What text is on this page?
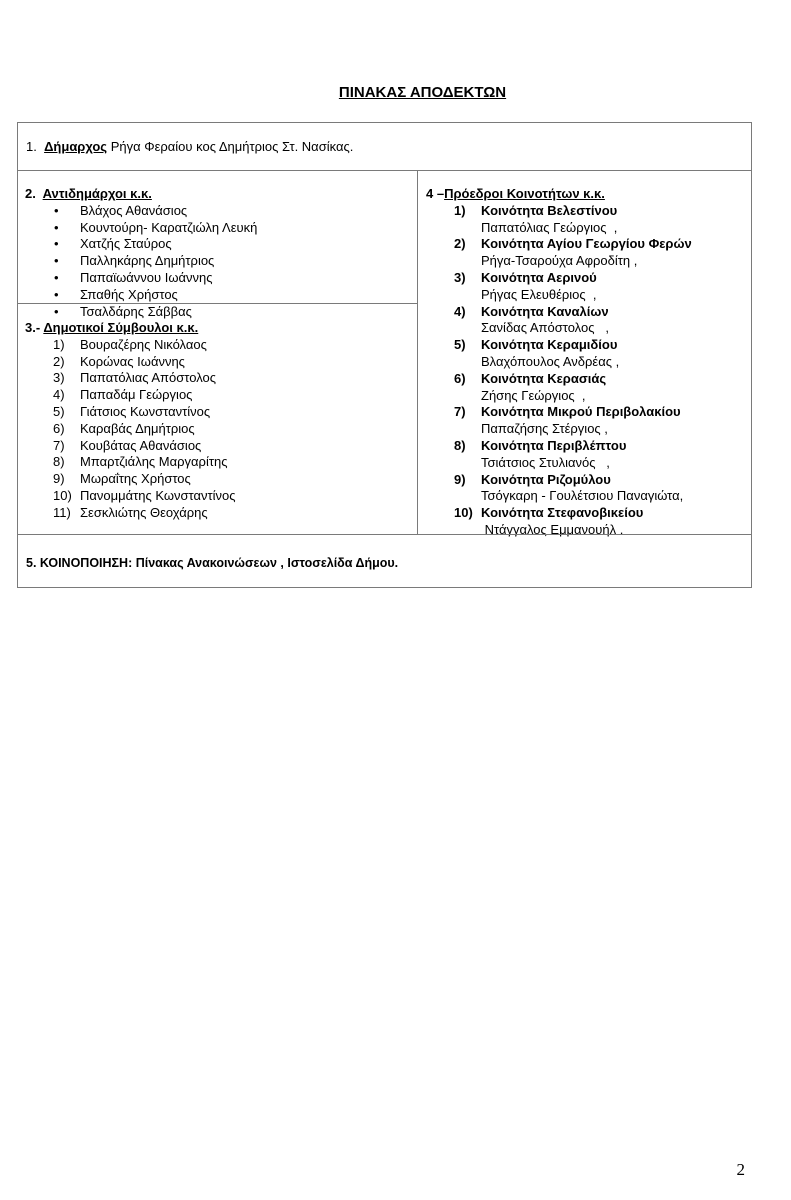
ΠΙΝΑΚΑΣ ΑΠΟΔΕΚΤΩΝ
1. Δήμαρχος Ρήγα Φεραίου κος Δημήτριος Στ. Νασίκας.
2. Αντιδημάρχοι κ.κ.
• Βλάχος Αθανάσιος
• Κουντούρη- Καρατζιώλη Λευκή
• Χατζής Σταύρος
• Παλληκάρης Δημήτριος
• Παπαϊωάννου Ιωάννης
• Σπαθής Χρήστος
• Τσαλδάρης Σάββας
3.- Δημοτικοί Σύμβουλοι κ.κ.
1)	Βουραζέρης Νικόλαος
2)	Κορώνας Ιωάννης
3)	Παπατόλιας Απόστολος
4)	Παπαδάμ Γεώργιος
5)	Γιάτσιος Κωνσταντίνος
6)	Καραβάς Δημήτριος
7)	Κουβάτας Αθανάσιος
8)	Μπαρτζιάλης Μαργαρίτης
9)	Μωραΐτης Χρήστος
10) Πανομμάτης Κωνσταντίνος
11) Σεσκλιώτης Θεοχάρης
4 –Πρόεδροι Κοινοτήτων κ.κ.
1)	Κοινότητα Βελεστίνου
Παπατόλιας Γεώργιος  ,
2)	Κοινότητα Αγίου Γεωργίου Φερών
Ρήγα-Τσαρούχα Αφροδίτη ,
3)	Κοινότητα Αερινού
Ρήγας Ελευθέριος  ,
4)	Κοινότητα Καναλίων
Σανίδας Απόστολος   ,
5)	Κοινότητα Κεραμιδίου
Βλαχόπουλος Ανδρέας ,
6)	Κοινότητα Κερασιάς
Ζήσης Γεώργιος  ,
7)	Κοινότητα Μικρού Περιβολακίου
Παπαζήσης Στέργιος ,
8)	Κοινότητα Περιβλέπτου
Τσιάτσιος Στυλιανός   ,
9)	Κοινότητα Ριζομύλου
Τσόγκαρη - Γουλέτσιου Παναγιώτα,
10) Κοινότητα Στεφανοβικείου
Ντάγγαλος Εμμανουήλ .
5. ΚΟΙΝΟΠΟΙΗΣΗ: Πίνακας Ανακοινώσεων , Ιστοσελίδα Δήμου.
2
